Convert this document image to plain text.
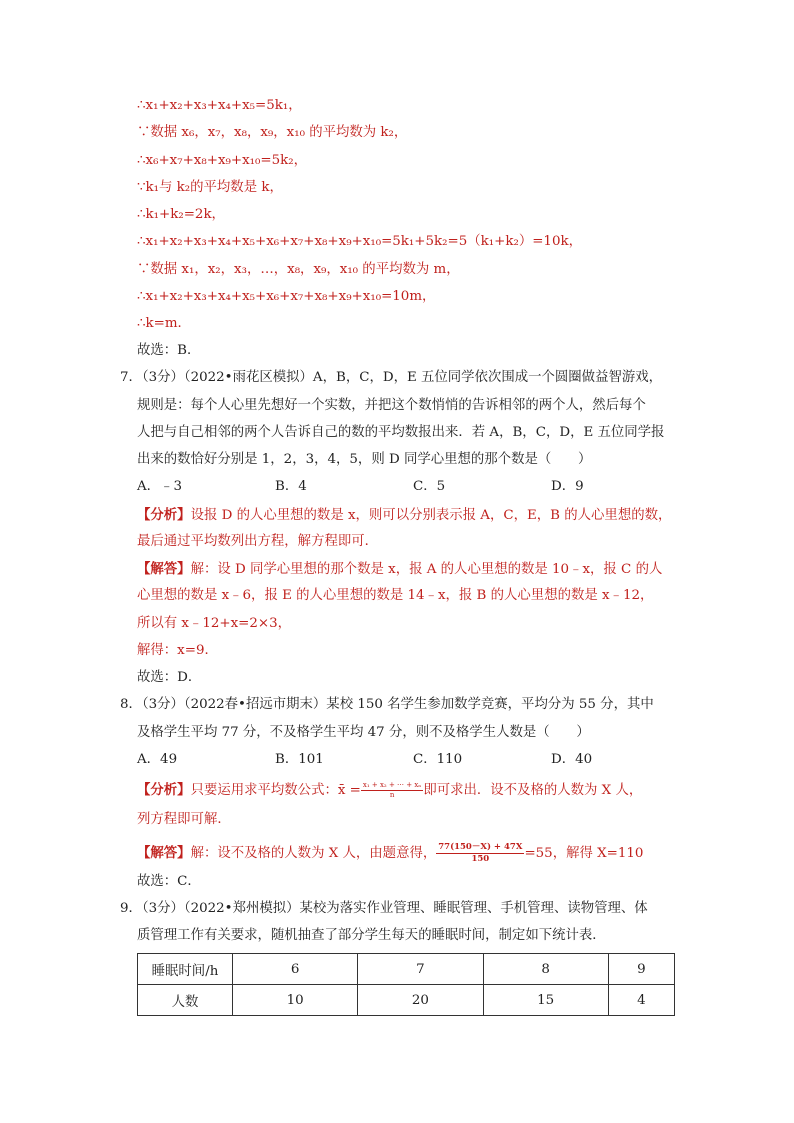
∴x₁+x₂+x₃+x₄+x₅=5k₁，
∵数据 x₆，x₇，x₈，x₉，x₁₀ 的平均数为 k₂，
∴x₆+x₇+x₈+x₉+x₁₀=5k₂，
∵k₁与 k₂的平均数是 k，
∴k₁+k₂=2k，
∴x₁+x₂+x₃+x₄+x₅+x₆+x₇+x₈+x₉+x₁₀=5k₁+5k₂=5（k₁+k₂）=10k，
∵数据 x₁，x₂，x₃，…，x₈，x₉，x₁₀ 的平均数为 m，
∴x₁+x₂+x₃+x₄+x₅+x₆+x₇+x₈+x₉+x₁₀=10m，
∴k=m．
故选：B．
7．（3分）（2022•雨花区模拟）A，B，C，D，E 五位同学依次围成一个圆圈做益智游戏，
规则是：每个人心里先想好一个实数，并把这个数悄悄的告诉相邻的两个人，然后每个
人把与自己相邻的两个人告诉自己的数的平均数报出来．若 A，B，C，D，E 五位同学报
出来的数恰好分别是 1，2，3，4，5，则 D 同学心里想的那个数是（　　）
A．﹣3	B．4	C．5	D．9
【分析】设报 D 的人心里想的数是 x，则可以分别表示报 A，C，E，B 的人心里想的数，
最后通过平均数列出方程，解方程即可．
【解答】解：设 D 同学心里想的那个数是 x，报 A 的人心里想的数是 10﹣x，报 C 的人
心里想的数是 x﹣6，报 E 的人心里想的数是 14﹣x，报 B 的人心里想的数是 x﹣12，
所以有 x﹣12+x=2×3，
解得：x=9．
故选：D．
8．（3分）（2022春•招远市期末）某校 150 名学生参加数学竞赛，平均分为 55 分，其中
及格学生平均 77 分，不及格学生平均 47 分，则不及格学生人数是（　　）
A．49	B．101	C．110	D．40
【分析】只要运用求平均数公式：x̄ = $\frac{\text{x₁ + x₂ + ⋯ + xₙ}}{n}$ 即可求出．设不及格的人数为 X 人，
列方程即可解．
【解答】解：设不及格的人数为 X 人，由题意得， $\frac{77(150-X) + 47X}{150} =55$，解得 X=110
故选：C．
9．（3分）（2022•郑州模拟）某校为落实作业管理、睡眠管理、手机管理、读物管理、体
质管理工作有关要求，随机抽查了部分学生每天的睡眠时间，制定如下统计表．
睡眠时间/h	6	7	8	9
人数	10	20	15	4
